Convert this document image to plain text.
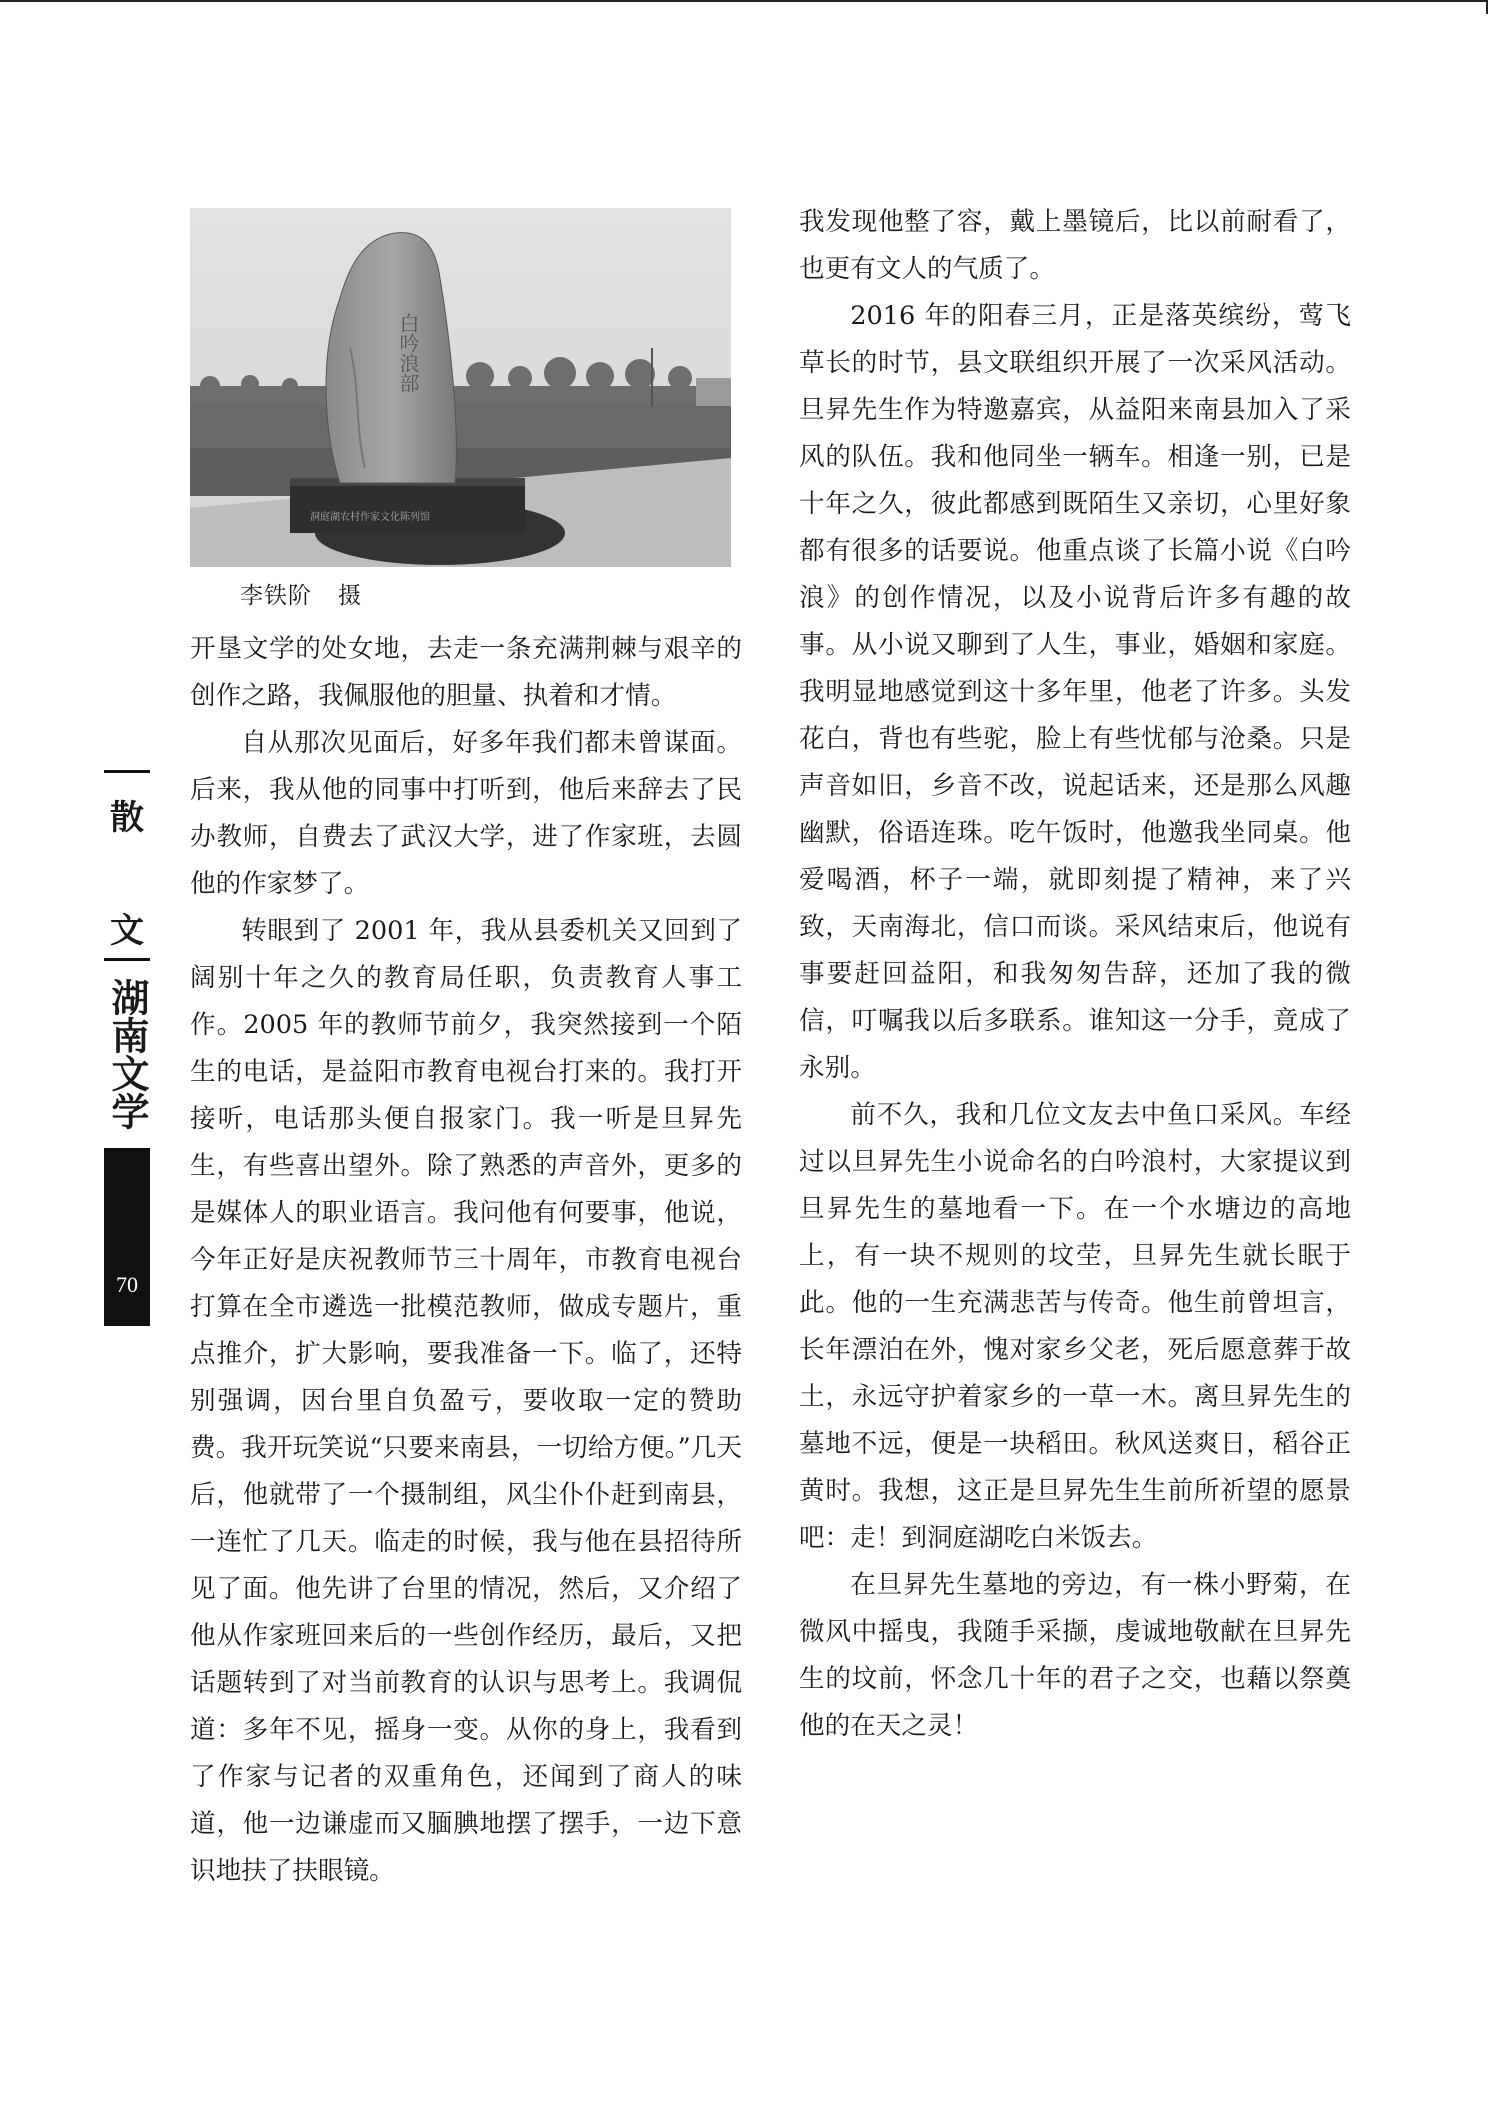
散
文
湖南文学
70
白吟浪部
洞庭湖农村作家文化陈列馆
李铁阶 摄

开垦文学的处女地，去走一条充满荆棘与艰辛的创作之路，我佩服他的胆量、执着和才情。

自从那次见面后，好多年我们都未曾谋面。后来，我从他的同事中打听到，他后来辞去了民办教师，自费去了武汉大学，进了作家班，去圆他的作家梦了。

转眼到了 2001 年，我从县委机关又回到了阔别十年之久的教育局任职，负责教育人事工作。2005 年的教师节前夕，我突然接到一个陌生的电话，是益阳市教育电视台打来的。我打开接听，电话那头便自报家门。我一听是旦昇先生，有些喜出望外。除了熟悉的声音外，更多的是媒体人的职业语言。我问他有何要事，他说，今年正好是庆祝教师节三十周年，市教育电视台打算在全市遴选一批模范教师，做成专题片，重点推介，扩大影响，要我准备一下。临了，还特别强调，因台里自负盈亏，要收取一定的赞助费。我开玩笑说“只要来南县，一切给方便。”几天后，他就带了一个摄制组，风尘仆仆赶到南县，一连忙了几天。临走的时候，我与他在县招待所见了面。他先讲了台里的情况，然后，又介绍了他从作家班回来后的一些创作经历，最后，又把话题转到了对当前教育的认识与思考上。我调侃道：多年不见，摇身一变。从你的身上，我看到了作家与记者的双重角色，还闻到了商人的味道，他一边谦虚而又腼腆地摆了摆手，一边下意识地扶了扶眼镜。

我发现他整了容，戴上墨镜后，比以前耐看了，也更有文人的气质了。

2016 年的阳春三月，正是落英缤纷，莺飞草长的时节，县文联组织开展了一次采风活动。旦昇先生作为特邀嘉宾，从益阳来南县加入了采风的队伍。我和他同坐一辆车。相逢一别，已是十年之久，彼此都感到既陌生又亲切，心里好象都有很多的话要说。他重点谈了长篇小说《白吟浪》的创作情况，以及小说背后许多有趣的故事。从小说又聊到了人生，事业，婚姻和家庭。我明显地感觉到这十多年里，他老了许多。头发花白，背也有些驼，脸上有些忧郁与沧桑。只是声音如旧，乡音不改，说起话来，还是那么风趣幽默，俗语连珠。吃午饭时，他邀我坐同桌。他爱喝酒，杯子一端，就即刻提了精神，来了兴致，天南海北，信口而谈。采风结束后，他说有事要赶回益阳，和我匆匆告辞，还加了我的微信，叮嘱我以后多联系。谁知这一分手，竟成了永别。

前不久，我和几位文友去中鱼口采风。车经过以旦昇先生小说命名的白吟浪村，大家提议到旦昇先生的墓地看一下。在一个水塘边的高地上，有一块不规则的坟茔，旦昇先生就长眠于此。他的一生充满悲苦与传奇。他生前曾坦言，长年漂泊在外，愧对家乡父老，死后愿意葬于故土，永远守护着家乡的一草一木。离旦昇先生的墓地不远，便是一块稻田。秋风送爽日，稻谷正黄时。我想，这正是旦昇先生生前所祈望的愿景吧：走！到洞庭湖吃白米饭去。

在旦昇先生墓地的旁边，有一株小野菊，在微风中摇曳，我随手采撷，虔诚地敬献在旦昇先生的坟前，怀念几十年的君子之交，也藉以祭奠他的在天之灵！
